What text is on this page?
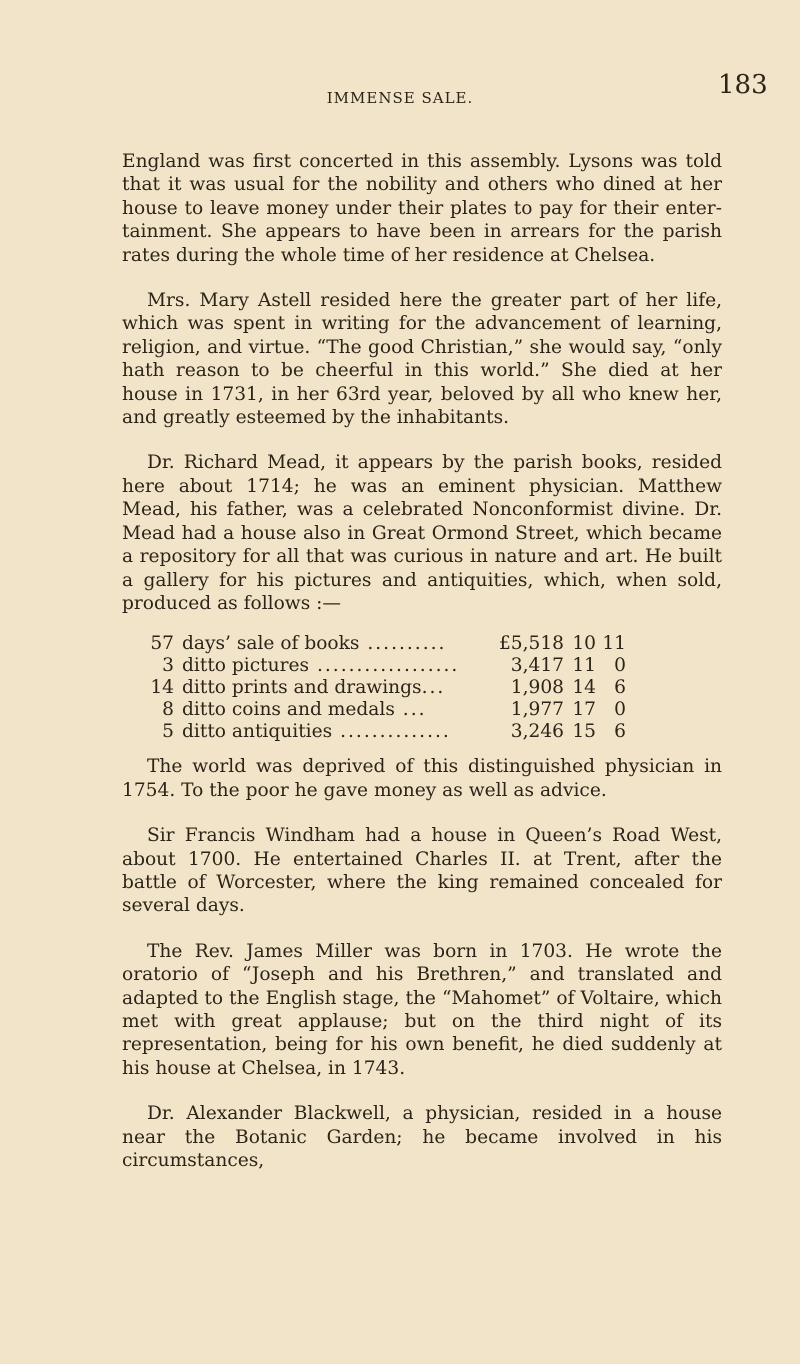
IMMENSE SALE.	183

England was first concerted in this assembly. Lysons was told that it was usual for the nobility and others who dined at her house to leave money under their plates to pay for their entertainment. She appears to have been in arrears for the parish rates during the whole time of her residence at Chelsea.

Mrs. Mary Astell resided here the greater part of her life, which was spent in writing for the advancement of learning, religion, and virtue. “The good Christian,” she would say, “only hath reason to be cheerful in this world.” She died at her house in 1731, in her 63rd year, beloved by all who knew her, and greatly esteemed by the inhabitants.

Dr. Richard Mead, it appears by the parish books, resided here about 1714; he was an eminent physician. Matthew Mead, his father, was a celebrated Nonconformist divine. Dr. Mead had a house also in Great Ormond Street, which became a repository for all that was curious in nature and art. He built a gallery for his pictures and antiquities, which, when sold, produced as follows :—

57	days’ sale of books ..........	£5,518	10	11
3	ditto pictures ..................	3,417	11	0
14	ditto prints and drawings...	1,908	14	6
8	ditto coins and medals ...	1,977	17	0
5	ditto antiquities ..............	3,246	15	6

The world was deprived of this distinguished physician in 1754. To the poor he gave money as well as advice.

Sir Francis Windham had a house in Queen’s Road West, about 1700. He entertained Charles II. at Trent, after the battle of Worcester, where the king remained concealed for several days.

The Rev. James Miller was born in 1703. He wrote the oratorio of “Joseph and his Brethren,” and translated and adapted to the English stage, the “Mahomet” of Voltaire, which met with great applause; but on the third night of its representation, being for his own benefit, he died suddenly at his house at Chelsea, in 1743.

Dr. Alexander Blackwell, a physician, resided in a house near the Botanic Garden; he became involved in his circumstances,
